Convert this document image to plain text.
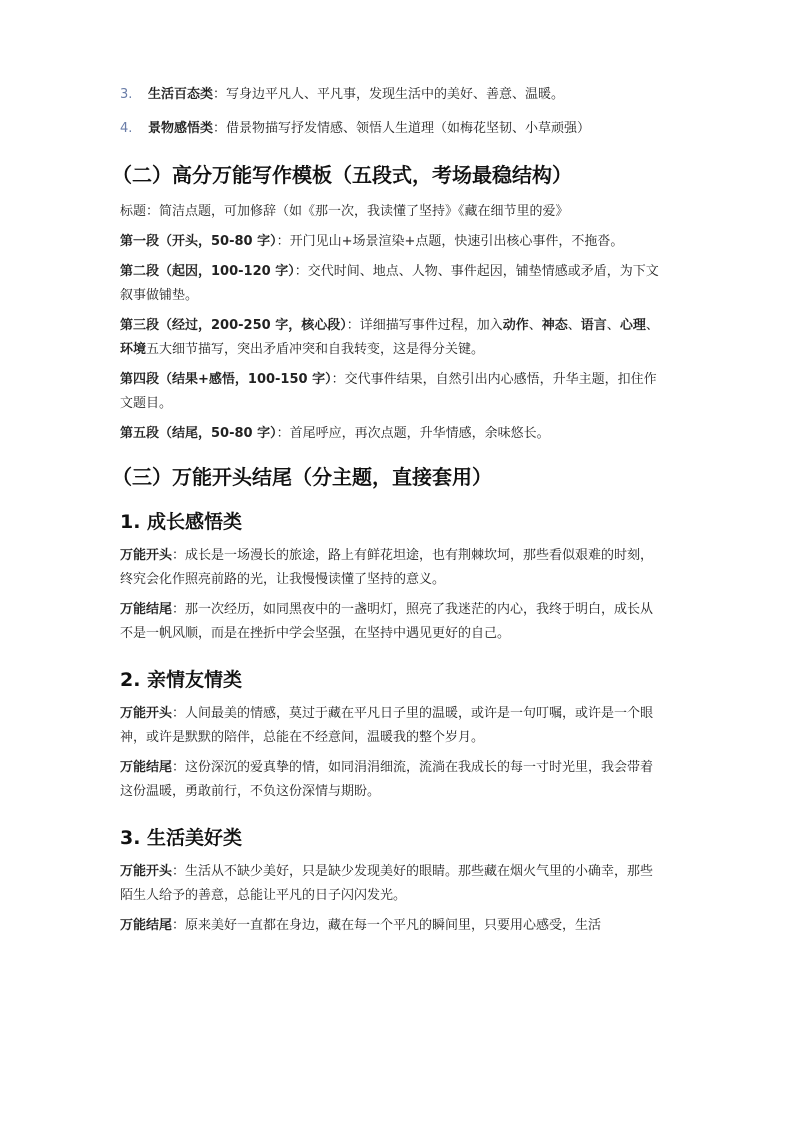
3.	生活百态类：写身边平凡人、平凡事，发现生活中的美好、善意、温暖。
4.	景物感悟类：借景物描写抒发情感、领悟人生道理（如梅花坚韧、小草顽强）
（二）高分万能写作模板（五段式，考场最稳结构）

标题：简洁点题，可加修辞（如《那一次，我读懂了坚持》《藏在细节里的爱》

第一段（开头，50-80 字）：开门见山+场景渲染+点题，快速引出核心事件，不拖沓。

第二段（起因，100-120 字）：交代时间、地点、人物、事件起因，铺垫情感或矛盾，为下文叙事做铺垫。

第三段（经过，200-250 字，核心段）：详细描写事件过程，加入动作、神态、语言、心理、环境五大细节描写，突出矛盾冲突和自我转变，这是得分关键。

第四段（结果+感悟，100-150 字）：交代事件结果，自然引出内心感悟，升华主题，扣住作文题目。

第五段（结尾，50-80 字）：首尾呼应，再次点题，升华情感，余味悠长。

（三）万能开头结尾（分主题，直接套用）
1. 成长感悟类

万能开头：成长是一场漫长的旅途，路上有鲜花坦途，也有荆棘坎坷，那些看似艰难的时刻，终究会化作照亮前路的光，让我慢慢读懂了坚持的意义。

万能结尾：那一次经历，如同黑夜中的一盏明灯，照亮了我迷茫的内心，我终于明白，成长从不是一帆风顺，而是在挫折中学会坚强，在坚持中遇见更好的自己。

2. 亲情友情类

万能开头：人间最美的情感，莫过于藏在平凡日子里的温暖，或许是一句叮嘱，或许是一个眼神，或许是默默的陪伴，总能在不经意间，温暖我的整个岁月。

万能结尾：这份深沉的爱真挚的情，如同涓涓细流，流淌在我成长的每一寸时光里，我会带着这份温暖，勇敢前行，不负这份深情与期盼。

3. 生活美好类

万能开头：生活从不缺少美好，只是缺少发现美好的眼睛。那些藏在烟火气里的小确幸，那些陌生人给予的善意，总能让平凡的日子闪闪发光。

万能结尾：原来美好一直都在身边，藏在每一个平凡的瞬间里，只要用心感受，生活
